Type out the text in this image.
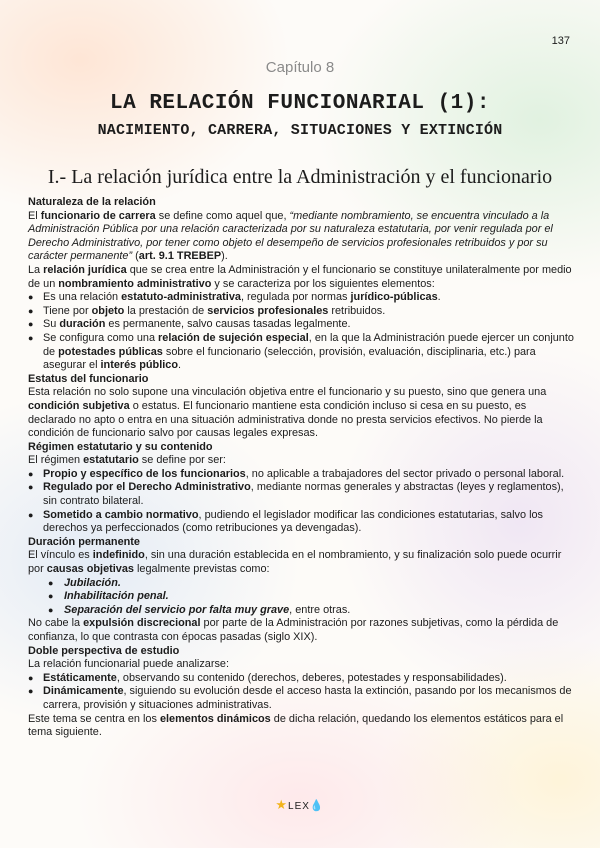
137
Capítulo 8
LA RELACIÓN FUNCIONARIAL (1):
NACIMIENTO, CARRERA, SITUACIONES Y EXTINCIÓN
I.- La relación jurídica entre la Administración y el funcionario
Naturaleza de la relación

El funcionario de carrera se define como aquel que, “mediante nombramiento, se encuentra vinculado a la Administración Pública por una relación caracterizada por su naturaleza estatutaria, por venir regulada por el Derecho Administrativo, por tener como objeto el desempeño de servicios profesionales retribuidos y por su carácter permanente” (art. 9.1 TREBEP).

La relación jurídica que se crea entre la Administración y el funcionario se constituye unilateralmente por medio de un nombramiento administrativo y se caracteriza por los siguientes elementos:

● Es una relación estatuto-administrativa, regulada por normas jurídico-públicas.
● Tiene por objeto la prestación de servicios profesionales retribuidos.
● Su duración es permanente, salvo causas tasadas legalmente.
● Se configura como una relación de sujeción especial, en la que la Administración puede ejercer un conjunto de potestades públicas sobre el funcionario (selección, provisión, evaluación, disciplinaria, etc.) para asegurar el interés público.
Estatus del funcionario

Esta relación no solo supone una vinculación objetiva entre el funcionario y su puesto, sino que genera una condición subjetiva o estatus. El funcionario mantiene esta condición incluso si cesa en su puesto, es declarado no apto o entra en una situación administrativa donde no presta servicios efectivos. No pierde la condición de funcionario salvo por causas legales expresas.

Régimen estatutario y su contenido

El régimen estatutario se define por ser:

● Propio y específico de los funcionarios, no aplicable a trabajadores del sector privado o personal laboral.
● Regulado por el Derecho Administrativo, mediante normas generales y abstractas (leyes y reglamentos), sin contrato bilateral.
● Sometido a cambio normativo, pudiendo el legislador modificar las condiciones estatutarias, salvo los derechos ya perfeccionados (como retribuciones ya devengadas).
Duración permanente

El vínculo es indefinido, sin una duración establecida en el nombramiento, y su finalización solo puede ocurrir por causas objetivas legalmente previstas como:

● Jubilación.
● Inhabilitación penal.
● Separación del servicio por falta muy grave, entre otras.

No cabe la expulsión discrecional por parte de la Administración por razones subjetivas, como la pérdida de confianza, lo que contrasta con épocas pasadas (siglo XIX).

Doble perspectiva de estudio

La relación funcionarial puede analizarse:

● Estáticamente, observando su contenido (derechos, deberes, potestades y responsabilidades).
● Dinámicamente, siguiendo su evolución desde el acceso hasta la extinción, pasando por los mecanismos de carrera, provisión y situaciones administrativas.

Este tema se centra en los elementos dinámicos de dicha relación, quedando los elementos estáticos para el tema siguiente.

★LEX💧
